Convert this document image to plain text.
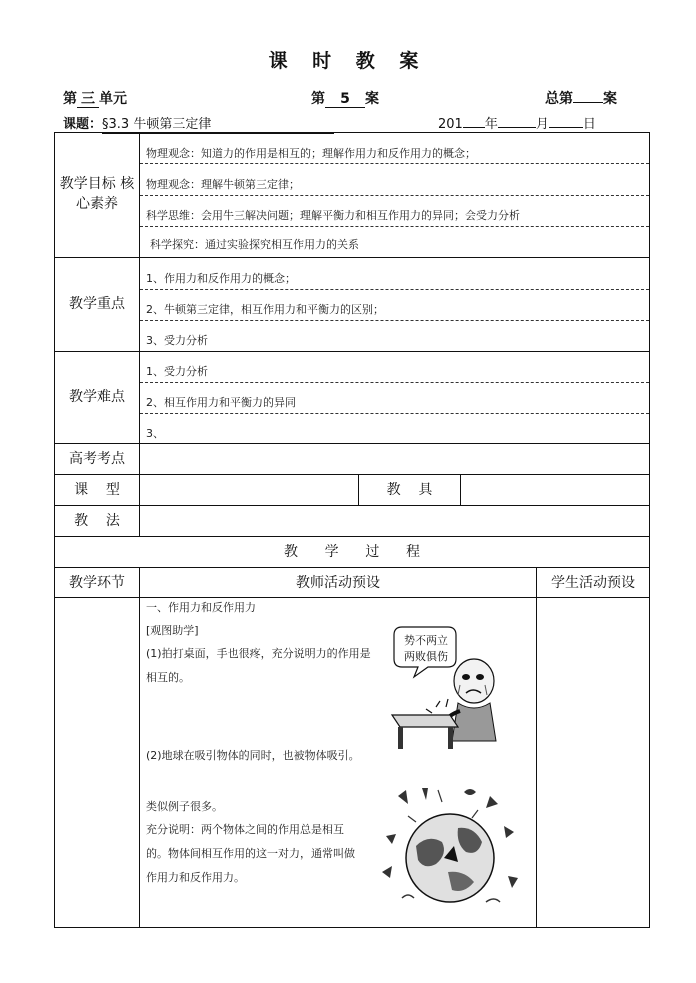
课 时 教 案
第 三 单元	第 5 案	总第 案
课题：§3.3 牛顿第三定律	201 年	月	日
教学目标 核心素养
物理观念：知道力的作用是相互的；理解作用力和反作用力的概念；
物理观念：理解牛顿第三定律；
科学思维：会用牛三解决问题；理解平衡力和相互作用力的异同；会受力分析
科学探究：通过实验探究相互作用力的关系
教学重点
1、作用力和反作用力的概念；
2、牛顿第三定律，相互作用力和平衡力的区别；
3、受力分析
教学难点
1、受力分析
2、相互作用力和平衡力的异同
3、
高考考点
课    型	教    具
教    法
教      学      过      程
教学环节	教师活动预设	学生活动预设
一、作用力和反作用力
[观图助学]
(1)拍打桌面，手也很疼，充分说明力的作用是相互的。
(2)地球在吸引物体的同时，也被物体吸引。
类似例子很多。
充分说明：两个物体之间的作用总是相互的。物体间相互作用的这一对力，通常叫做作用力和反作用力。
势不两立
两败俱伤
